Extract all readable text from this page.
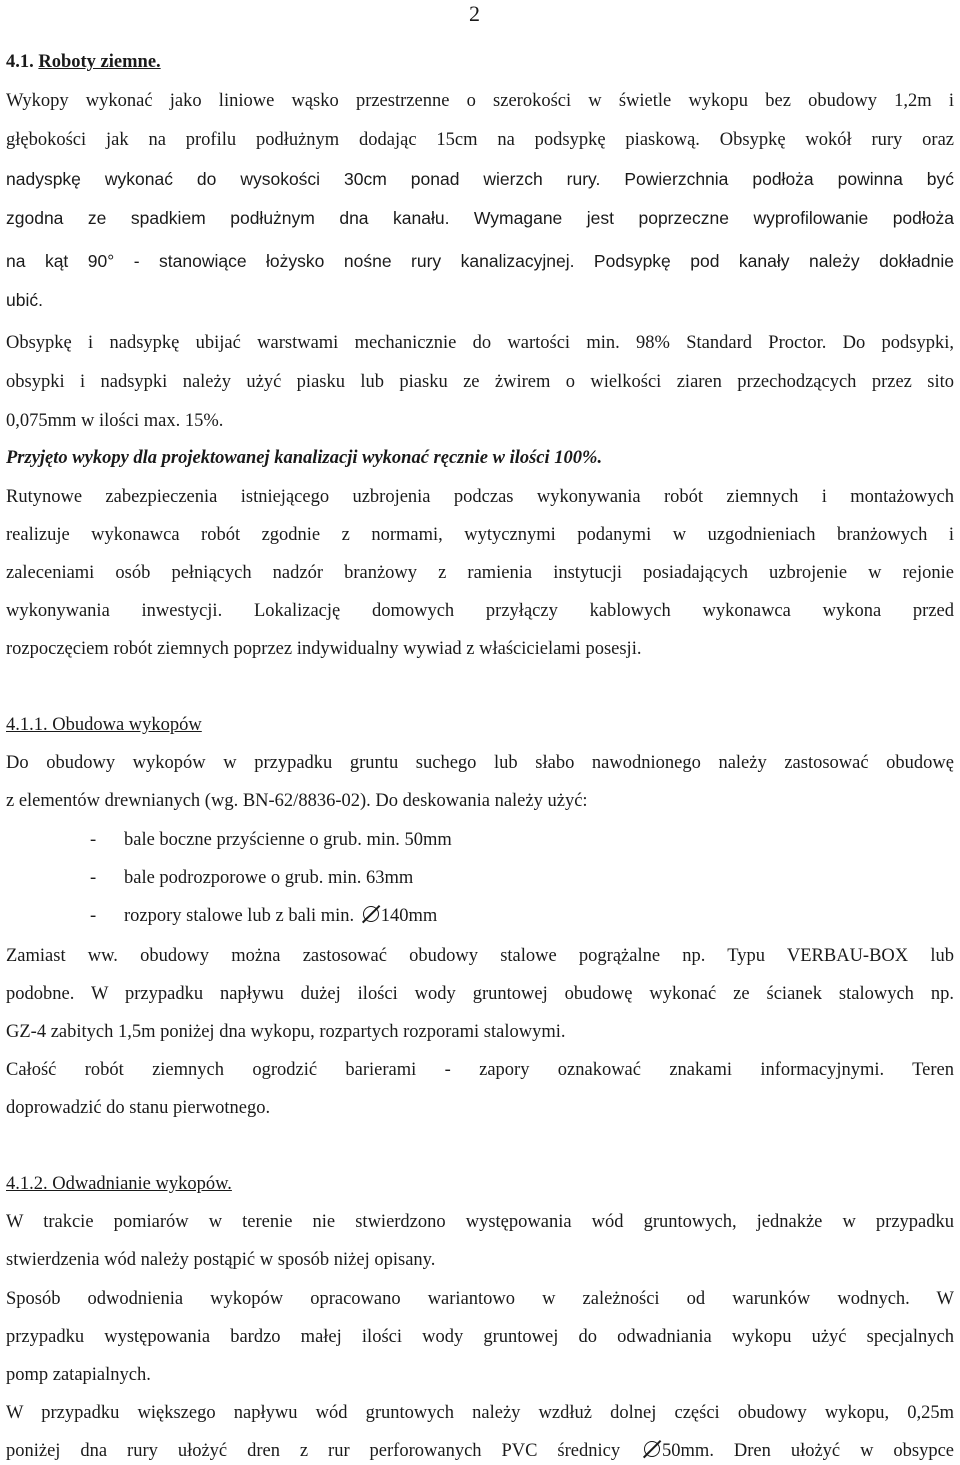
2
4.1. Roboty ziemne.
Wykopy wykonać jako liniowe wąsko przestrzenne o szerokości w świetle wykopu bez obudowy 1,2m i
głębokości jak na profilu podłużnym dodając 15cm na podsypkę piaskową. Obsypkę wokół rury oraz
nadyspkę wykonać do wysokości 30cm ponad wierzch rury. Powierzchnia podłoża powinna być
zgodna ze spadkiem podłużnym dna kanału. Wymagane jest poprzeczne wyprofilowanie podłoża
na kąt 90° - stanowiące łożysko nośne rury kanalizacyjnej. Podsypkę pod kanały należy dokładnie
ubić.
Obsypkę i nadsypkę ubijać warstwami mechanicznie do wartości min. 98% Standard Proctor. Do podsypki,
obsypki i nadsypki należy użyć piasku lub piasku ze żwirem o wielkości ziaren przechodzących przez sito
0,075mm w ilości max. 15%.
Przyjęto wykopy dla projektowanej kanalizacji wykonać ręcznie w ilości 100%.
Rutynowe zabezpieczenia istniejącego uzbrojenia podczas wykonywania robót ziemnych i montażowych
realizuje wykonawca robót zgodnie z normami, wytycznymi podanymi w uzgodnieniach branżowych i
zaleceniami osób pełniących nadzór branżowy z ramienia instytucji posiadających uzbrojenie w rejonie
wykonywania inwestycji. Lokalizację domowych przyłączy kablowych wykonawca wykona przed
rozpoczęciem robót ziemnych poprzez indywidualny wywiad z właścicielami posesji.
4.1.1. Obudowa wykopów
Do obudowy wykopów w przypadku gruntu suchego lub słabo nawodnionego należy zastosować obudowę
z elementów drewnianych (wg. BN-62/8836-02). Do deskowania należy użyć:
- bale boczne przyścienne o grub. min. 50mm
- bale podrozporowe o grub. min. 63mm
- rozpory stalowe lub z bali min. 140mm
Zamiast ww. obudowy można zastosować obudowy stalowe pogrążalne np. Typu VERBAU-BOX lub
podobne. W przypadku napływu dużej ilości wody gruntowej obudowę wykonać ze ścianek stalowych np.
GZ-4 zabitych 1,5m poniżej dna wykopu, rozpartych rozporami stalowymi.
Całość robót ziemnych ogrodzić barierami - zapory oznakować znakami informacyjnymi. Teren
doprowadzić do stanu pierwotnego.
4.1.2. Odwadnianie wykopów.
W trakcie pomiarów w terenie nie stwierdzono występowania wód gruntowych, jednakże w przypadku
stwierdzenia wód należy postąpić w sposób niżej opisany.
Sposób odwodnienia wykopów opracowano wariantowo w zależności od warunków wodnych. W
przypadku występowania bardzo małej ilości wody gruntowej do odwadniania wykopu użyć specjalnych
pomp zatapialnych.
W przypadku większego napływu wód gruntowych należy wzdłuż dolnej części obudowy wykopu, 0,25m
poniżej dna rury ułożyć dren z rur perforowanych PVC średnicy 50mm. Dren ułożyć w obsypce
